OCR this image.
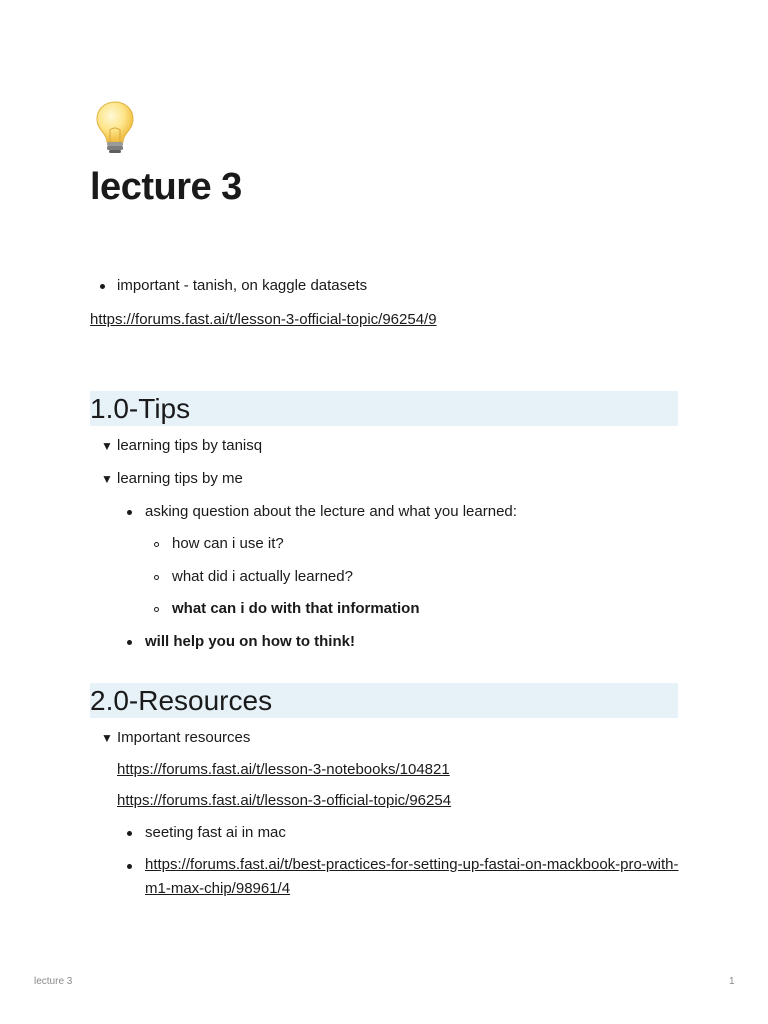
lecture 3
important - tanish, on kaggle datasets
https://forums.fast.ai/t/lesson-3-official-topic/96254/9
1.0-Tips
▼ learning tips by tanisq
▼ learning tips by me
asking question about the lecture and what you learned:
how can i use it?
what did i actually learned?
what can i do with that information
will help you on how to think!
2.0-Resources
▼ Important resources
https://forums.fast.ai/t/lesson-3-notebooks/104821
https://forums.fast.ai/t/lesson-3-official-topic/96254
seeting fast ai in mac
https://forums.fast.ai/t/best-practices-for-setting-up-fastai-on-mackbook-pro-with-m1-max-chip/98961/4
lecture 3	1
